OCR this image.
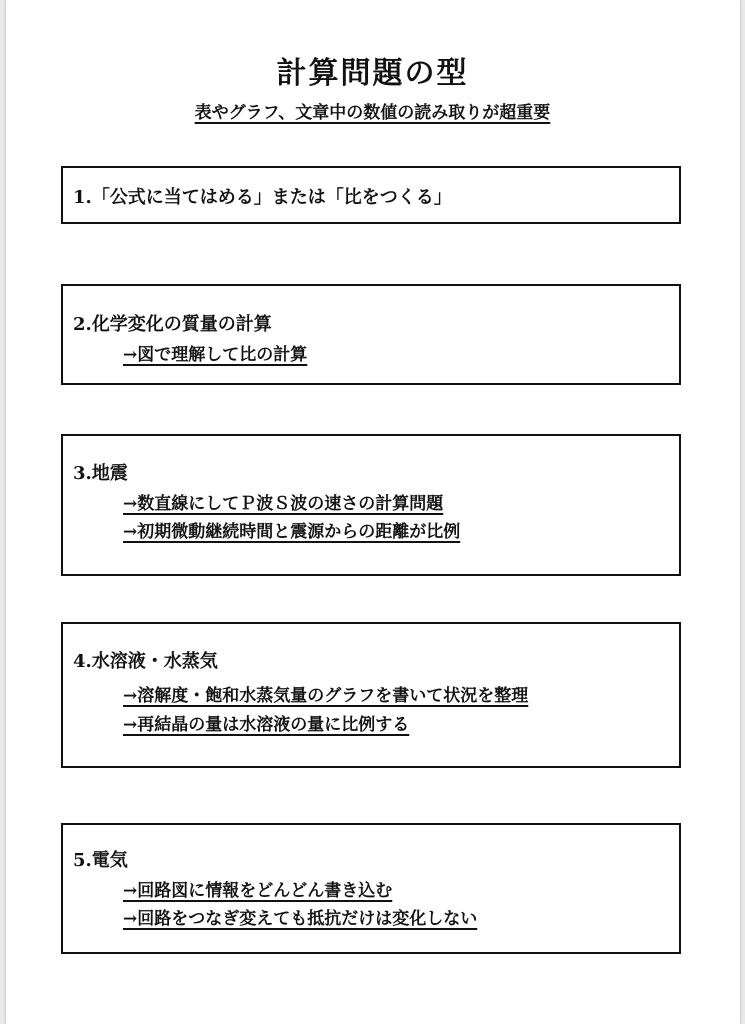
計算問題の型

表やグラフ、文章中の数値の読み取りが超重要

1.「公式に当てはめる」または「比をつくる」
2.化学変化の質量の計算
→図で理解して比の計算
3.地震
→数直線にしてＰ波Ｓ波の速さの計算問題
→初期微動継続時間と震源からの距離が比例
4.水溶液・水蒸気
→溶解度・飽和水蒸気量のグラフを書いて状況を整理
→再結晶の量は水溶液の量に比例する
5.電気
→回路図に情報をどんどん書き込む
→回路をつなぎ変えても抵抗だけは変化しない
